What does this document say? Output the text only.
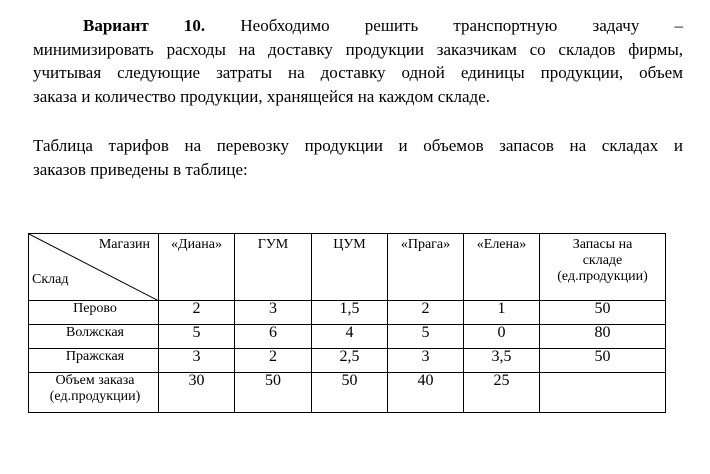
Вариант 10. Необходимо решить транспортную задачу –
минимизировать расходы на доставку продукции заказчикам со складов фирмы,
учитывая следующие затраты на доставку одной единицы продукции, объем
заказа и количество продукции, хранящейся на каждом складе.
Таблица тарифов на перевозку продукции и объемов запасов на складах и
заказов приведены в таблице:
Магазин
Склад	«Диана»	ГУМ	ЦУМ	«Прага»	«Елена»	Запасы на
складе
(ед.продукции)

Перово	2	3	1,5	2	1	50
Волжская	5	6	4	5	0	80
Пражская	3	2	2,5	3	3,5	50

Объем заказа
(ед.продукции)	30	50	50	40	25	
